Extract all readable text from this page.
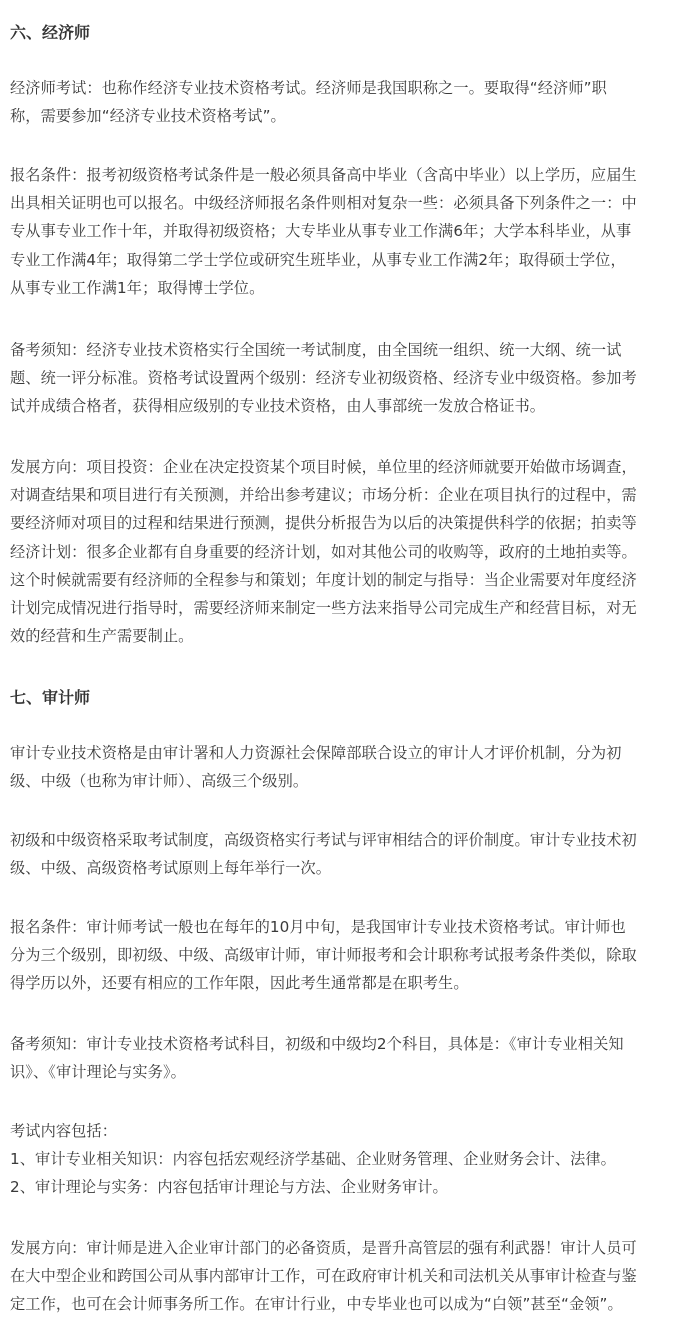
六、经济师

经济师考试：也称作经济专业技术资格考试。经济师是我国职称之一。要取得“经济师”职
称，需要参加“经济专业技术资格考试”。

报名条件：报考初级资格考试条件是一般必须具备高中毕业（含高中毕业）以上学历，应届生
出具相关证明也可以报名。中级经济师报名条件则相对复杂一些：必须具备下列条件之一：中
专从事专业工作十年，并取得初级资格；大专毕业从事专业工作满6年；大学本科毕业，从事
专业工作满4年；取得第二学士学位或研究生班毕业，从事专业工作满2年；取得硕士学位，
从事专业工作满1年；取得博士学位。

备考须知：经济专业技术资格实行全国统一考试制度，由全国统一组织、统一大纲、统一试
题、统一评分标准。资格考试设置两个级别：经济专业初级资格、经济专业中级资格。参加考
试并成绩合格者，获得相应级别的专业技术资格，由人事部统一发放合格证书。

发展方向：项目投资：企业在决定投资某个项目时候，单位里的经济师就要开始做市场调查，
对调查结果和项目进行有关预测，并给出参考建议；市场分析：企业在项目执行的过程中，需
要经济师对项目的过程和结果进行预测，提供分析报告为以后的决策提供科学的依据；拍卖等
经济计划：很多企业都有自身重要的经济计划，如对其他公司的收购等，政府的土地拍卖等。
这个时候就需要有经济师的全程参与和策划；年度计划的制定与指导：当企业需要对年度经济
计划完成情况进行指导时，需要经济师来制定一些方法来指导公司完成生产和经营目标，对无
效的经营和生产需要制止。

七、审计师

审计专业技术资格是由审计署和人力资源社会保障部联合设立的审计人才评价机制，分为初
级、中级（也称为审计师）、高级三个级别。

初级和中级资格采取考试制度，高级资格实行考试与评审相结合的评价制度。审计专业技术初
级、中级、高级资格考试原则上每年举行一次。

报名条件：审计师考试一般也在每年的10月中旬，是我国审计专业技术资格考试。审计师也
分为三个级别，即初级、中级、高级审计师，审计师报考和会计职称考试报考条件类似，除取
得学历以外，还要有相应的工作年限，因此考生通常都是在职考生。

备考须知：审计专业技术资格考试科目，初级和中级均2个科目，具体是：《审计专业相关知
识》、《审计理论与实务》。

考试内容包括：
1、审计专业相关知识：内容包括宏观经济学基础、企业财务管理、企业财务会计、法律。
2、审计理论与实务：内容包括审计理论与方法、企业财务审计。

发展方向：审计师是进入企业审计部门的必备资质，是晋升高管层的强有利武器！审计人员可
在大中型企业和跨国公司从事内部审计工作，可在政府审计机关和司法机关从事审计检查与鉴
定工作，也可在会计师事务所工作。在审计行业，中专毕业也可以成为“白领”甚至“金领”。
